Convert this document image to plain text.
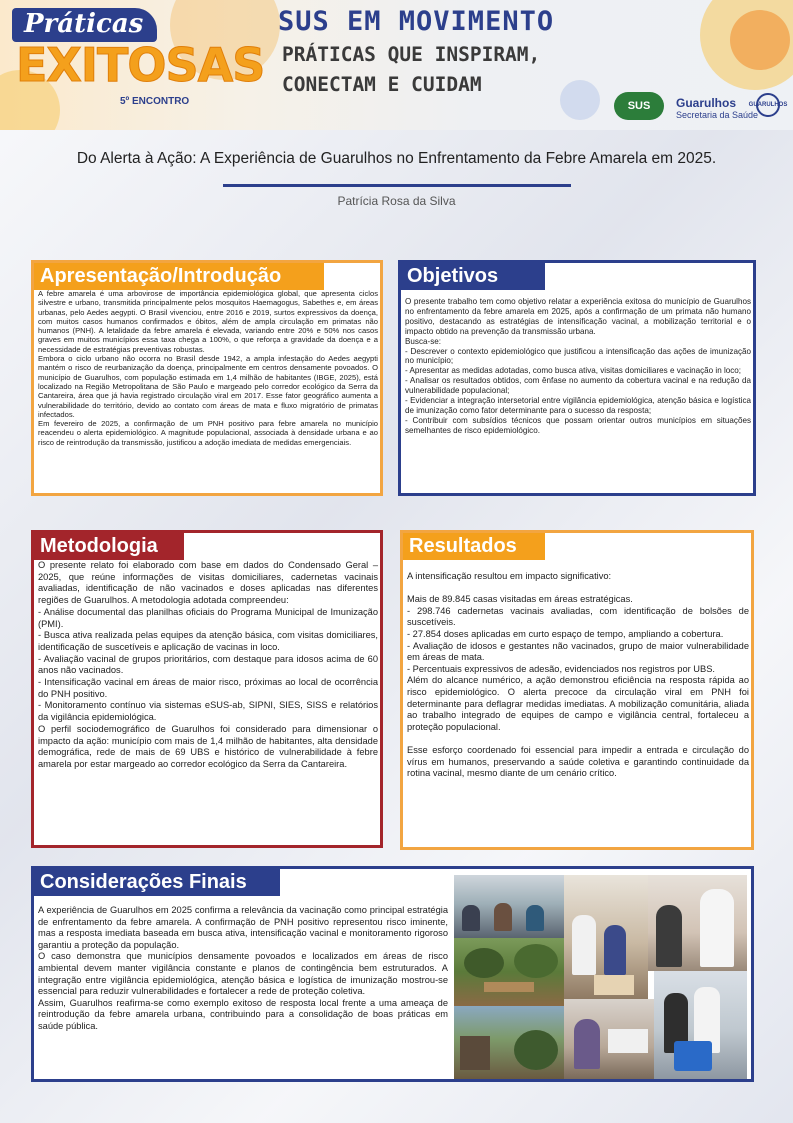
Práticas
EXITOSAS
5º ENCONTRO
SUS EM MOVIMENTO
PRÁTICAS QUE INSPIRAM,
CONECTAM E CUIDAM
SUS	Guarulhos
Secretaria da Saúde
GUARULHOS
Do Alerta à Ação: A Experiência de Guarulhos no Enfrentamento da Febre Amarela em 2025.
Patrícia Rosa da Silva
Apresentação/Introdução

A febre amarela é uma arbovirose de importância epidemiológica global, que apresenta ciclos silvestre e urbano, transmitida principalmente pelos mosquitos Haemagogus, Sabethes e, em áreas urbanas, pelo Aedes aegypti. O Brasil vivenciou, entre 2016 e 2019, surtos expressivos da doença, com muitos casos humanos confirmados e óbitos, além de ampla circulação em primatas não humanos (PNH). A letalidade da febre amarela é elevada, variando entre 20% e 50% nos casos graves em muitos municípios essa taxa chega a 100%, o que reforça a gravidade da doença e a necessidade de estratégias preventivas robustas.

Embora o ciclo urbano não ocorra no Brasil desde 1942, a ampla infestação do Aedes aegypti mantém o risco de reurbanização da doença, principalmente em centros densamente povoados. O município de Guarulhos, com população estimada em 1,4 milhão de habitantes (IBGE, 2025), está localizado na Região Metropolitana de São Paulo e margeado pelo corredor ecológico da Serra da Cantareira, área que já havia registrado circulação viral em 2017. Esse fator geográfico aumenta a vulnerabilidade do território, devido ao contato com áreas de mata e fluxo migratório de primatas infectados.

Em fevereiro de 2025, a confirmação de um PNH positivo para febre amarela no município reacendeu o alerta epidemiológico. A magnitude populacional, associada à densidade urbana e ao risco de reintrodução da transmissão, justificou a adoção imediata de medidas emergenciais.

Objetivos

O presente trabalho tem como objetivo relatar a experiência exitosa do município de Guarulhos no enfrentamento da febre amarela em 2025, após a confirmação de um primata não humano positivo, destacando as estratégias de intensificação vacinal, a mobilização territorial e o impacto obtido na prevenção da transmissão urbana.

Busca-se:

- Descrever o contexto epidemiológico que justificou a intensificação das ações de imunização no município;

- Apresentar as medidas adotadas, como busca ativa, visitas domiciliares e vacinação in loco;

- Analisar os resultados obtidos, com ênfase no aumento da cobertura vacinal e na redução da vulnerabilidade populacional;

- Evidenciar a integração intersetorial entre vigilância epidemiológica, atenção básica e logística de imunização como fator determinante para o sucesso da resposta;

- Contribuir com subsídios técnicos que possam orientar outros municípios em situações semelhantes de risco epidemiológico.

Metodologia

O presente relato foi elaborado com base em dados do Condensado Geral – 2025, que reúne informações de visitas domiciliares, cadernetas vacinais avaliadas, identificação de não vacinados e doses aplicadas nas diferentes regiões de Guarulhos. A metodologia adotada compreendeu:

- Análise documental das planilhas oficiais do Programa Municipal de Imunização (PMI).

- Busca ativa realizada pelas equipes da atenção básica, com visitas domiciliares, identificação de suscetíveis e aplicação de vacinas in loco.

- Avaliação vacinal de grupos prioritários, com destaque para idosos acima de 60 anos não vacinados.

- Intensificação vacinal em áreas de maior risco, próximas ao local de ocorrência do PNH positivo.

- Monitoramento contínuo via sistemas eSUS-ab, SIPNI, SIES, SISS e relatórios da vigilância epidemiológica.

O perfil sociodemográfico de Guarulhos foi considerado para dimensionar o impacto da ação: município com mais de 1,4 milhão de habitantes, alta densidade demográfica, rede de mais de 69 UBS e histórico de vulnerabilidade à febre amarela por estar margeado ao corredor ecológico da Serra da Cantareira.

Resultados

A intensificação resultou em impacto significativo:

Mais de 89.845 casas visitadas em áreas estratégicas.

- 298.746 cadernetas vacinais avaliadas, com identificação de bolsões de suscetíveis.

- 27.854 doses aplicadas em curto espaço de tempo, ampliando a cobertura.

- Avaliação de idosos e gestantes não vacinados, grupo de maior vulnerabilidade em áreas de mata.

- Percentuais expressivos de adesão, evidenciados nos registros por UBS.

Além do alcance numérico, a ação demonstrou eficiência na resposta rápida ao risco epidemiológico. O alerta precoce da circulação viral em PNH foi determinante para deflagrar medidas imediatas. A mobilização comunitária, aliada ao trabalho integrado de equipes de campo e vigilância central, fortaleceu a proteção populacional.

Esse esforço coordenado foi essencial para impedir a entrada e circulação do vírus em humanos, preservando a saúde coletiva e garantindo continuidade da rotina vacinal, mesmo diante de um cenário crítico.

Considerações Finais

A experiência de Guarulhos em 2025 confirma a relevância da vacinação como principal estratégia de enfrentamento da febre amarela. A confirmação de PNH positivo representou risco iminente, mas a resposta imediata baseada em busca ativa, intensificação vacinal e monitoramento rigoroso garantiu a proteção da população.

O caso demonstra que municípios densamente povoados e localizados em áreas de risco ambiental devem manter vigilância constante e planos de contingência bem estruturados. A integração entre vigilância epidemiológica, atenção básica e logística de imunização mostrou-se essencial para reduzir vulnerabilidades e fortalecer a rede de proteção coletiva.

Assim, Guarulhos reafirma-se como exemplo exitoso de resposta local frente a uma ameaça de reintrodução da febre amarela urbana, contribuindo para a consolidação de boas práticas em saúde pública.
